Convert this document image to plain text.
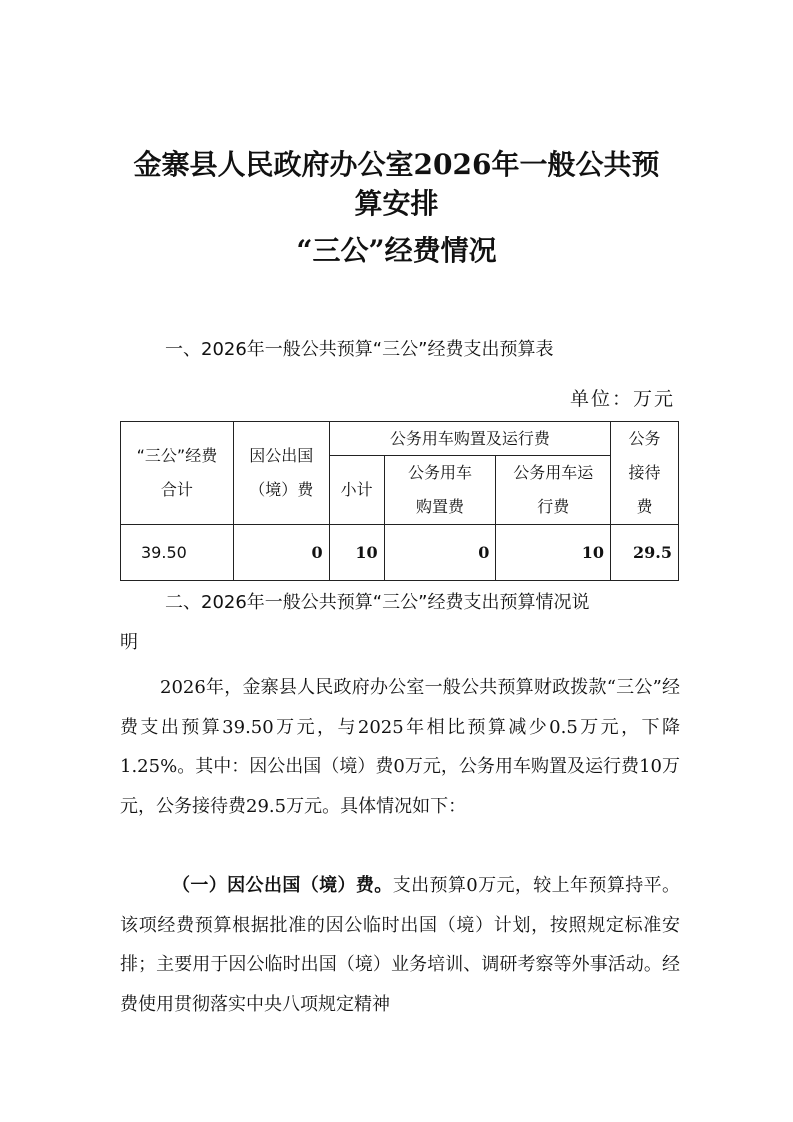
金寨县人民政府办公室2026年一般公共预
算安排
“三公”经费情况
一、2026年一般公共预算“三公”经费支出预算表
单位：万元
“三公”经费合计	因公出国（境）费	公务用车购置及运行费			公务接待费
		小计	公务用车购置费	公务用车运行费	
39.50	0	10	0	10	29.5
二、2026年一般公共预算“三公”经费支出预算情况说
明
2026年，金寨县人民政府办公室一般公共预算财政拨款“三公”经费支出预算39.50万元，与2025年相比预算减少0.5万元，下降1.25%。其中：因公出国（境）费0万元，公务用车购置及运行费10万元，公务接待费29.5万元。具体情况如下：
（一）因公出国（境）费。支出预算0万元，较上年预算持平。该项经费预算根据批准的因公临时出国（境）计划，按照规定标准安排；主要用于因公临时出国（境）业务培训、调研考察等外事活动。经费使用贯彻落实中央八项规定精神
